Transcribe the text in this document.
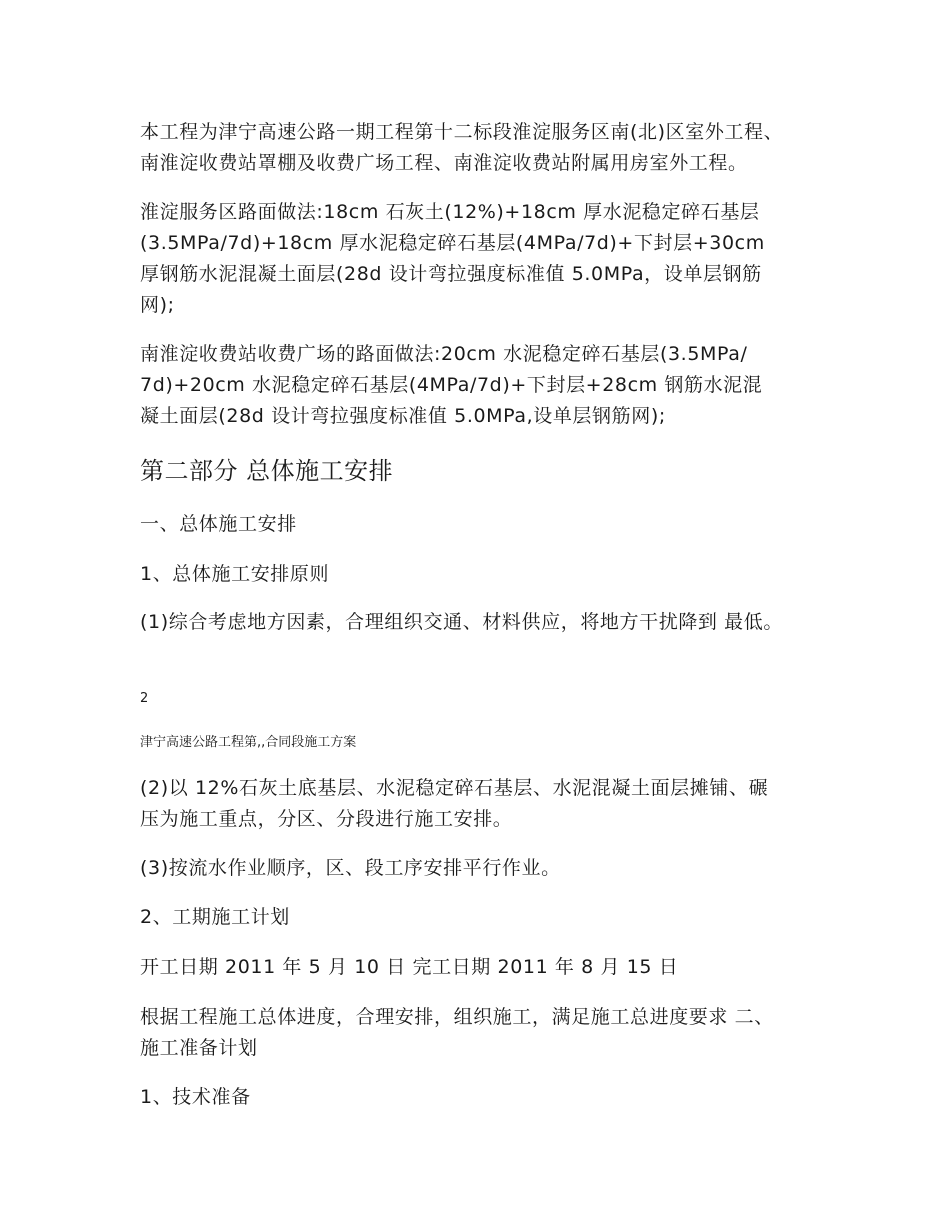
本工程为津宁高速公路一期工程第十二标段淮淀服务区南(北)区室外工程、

南淮淀收费站罩棚及收费广场工程、南淮淀收费站附属用房室外工程。

淮淀服务区路面做法:18cm 石灰土(12%)+18cm 厚水泥稳定碎石基层

(3.5MPa/7d)+18cm 厚水泥稳定碎石基层(4MPa/7d)+下封层+30cm

厚钢筋水泥混凝土面层(28d 设计弯拉强度标准值 5.0MPa，设单层钢筋

网);

南淮淀收费站收费广场的路面做法:20cm 水泥稳定碎石基层(3.5MPa/

7d)+20cm 水泥稳定碎石基层(4MPa/7d)+下封层+28cm 钢筋水泥混

凝土面层(28d 设计弯拉强度标准值 5.0MPa,设单层钢筋网);

第二部分 总体施工安排

一、总体施工安排

1、总体施工安排原则

(1)综合考虑地方因素，合理组织交通、材料供应，将地方干扰降到 最低。

2

津宁高速公路工程第,,合同段施工方案

(2)以 12%石灰土底基层、水泥稳定碎石基层、水泥混凝土面层摊铺、碾

压为施工重点，分区、分段进行施工安排。

(3)按流水作业顺序，区、段工序安排平行作业。

2、工期施工计划

开工日期 2011 年 5 月 10 日 完工日期 2011 年 8 月 15 日

根据工程施工总体进度，合理安排，组织施工，满足施工总进度要求 二、

施工准备计划

1、技术准备
